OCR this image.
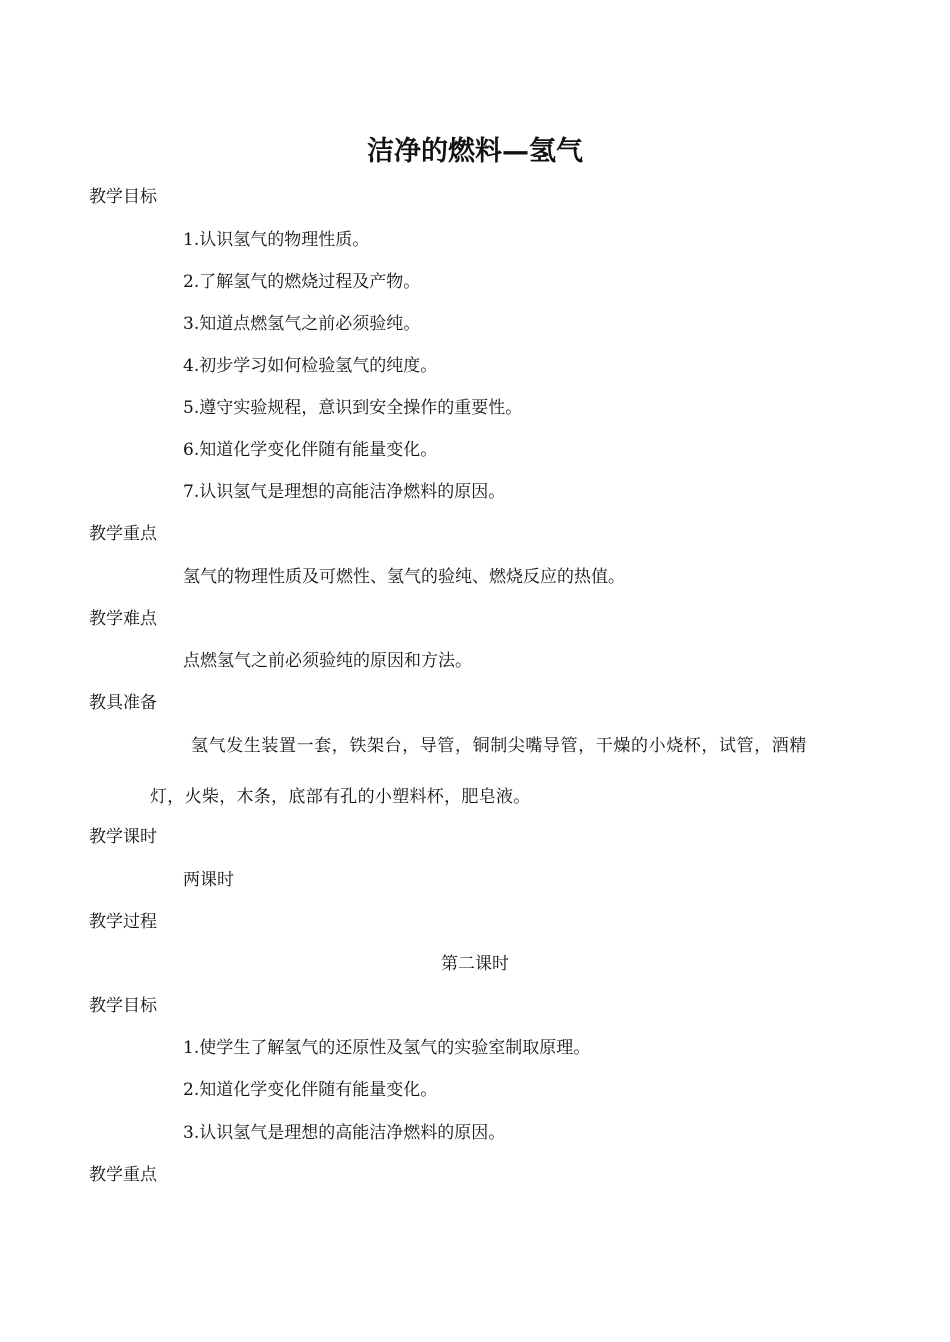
洁净的燃料—氢气
教学目标
1.认识氢气的物理性质。
2.了解氢气的燃烧过程及产物。
3.知道点燃氢气之前必须验纯。
4.初步学习如何检验氢气的纯度。
5.遵守实验规程，意识到安全操作的重要性。
6.知道化学变化伴随有能量变化。
7.认识氢气是理想的高能洁净燃料的原因。
教学重点
氢气的物理性质及可燃性、氢气的验纯、燃烧反应的热值。
教学难点
点燃氢气之前必须验纯的原因和方法。
教具准备
氢气发生装置一套，铁架台，导管，铜制尖嘴导管，干燥的小烧杯，试管，酒精
灯，火柴，木条，底部有孔的小塑料杯，肥皂液。
教学课时
两课时
教学过程
第二课时
教学目标
1.使学生了解氢气的还原性及氢气的实验室制取原理。
2.知道化学变化伴随有能量变化。
3.认识氢气是理想的高能洁净燃料的原因。
教学重点
